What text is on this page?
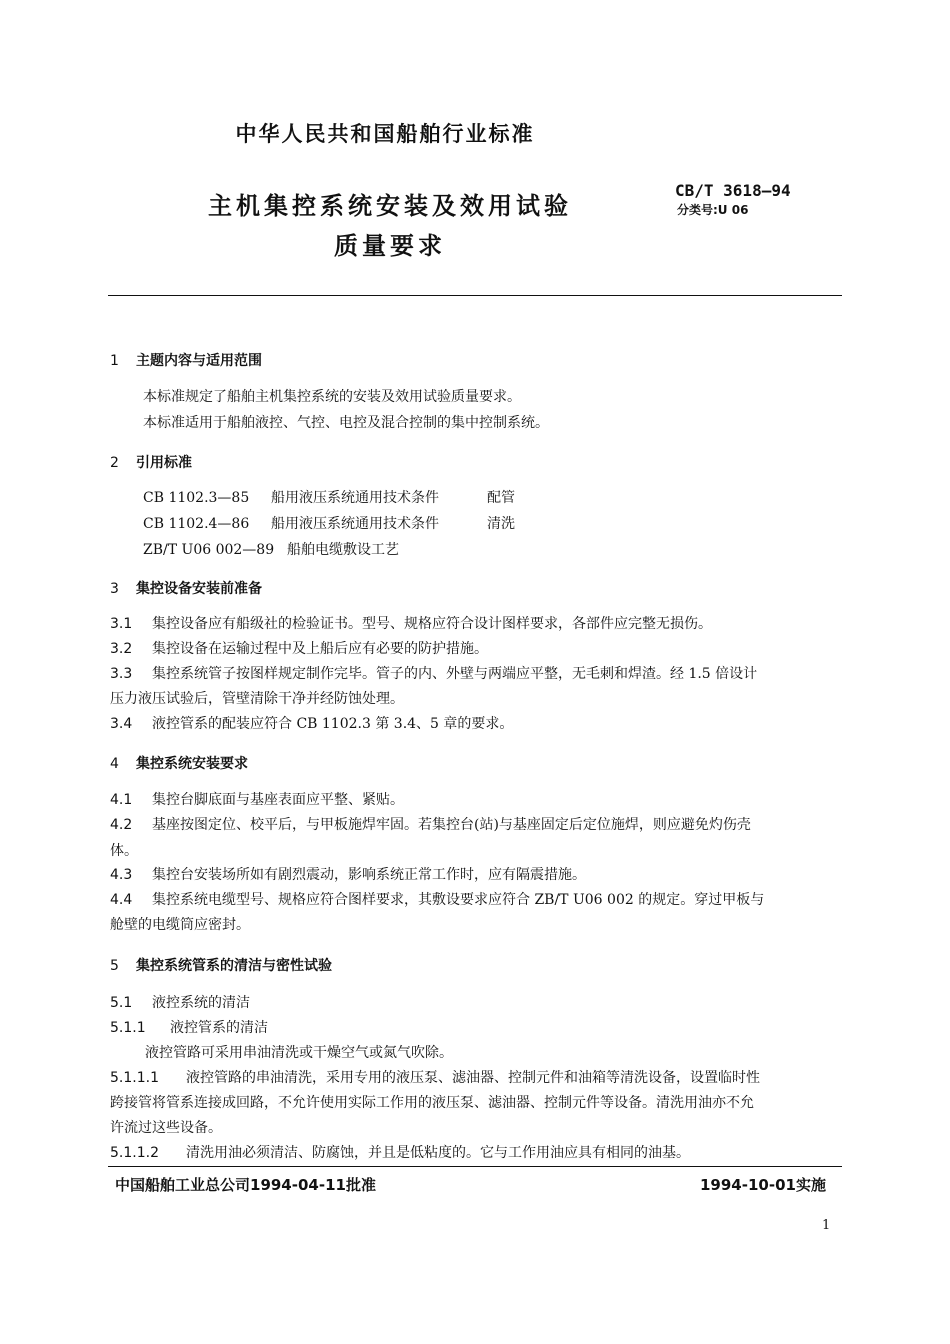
中华人民共和国船舶行业标准
主机集控系统安装及效用试验
质量要求
CB/T 3618—94
分类号:U 06
1 主题内容与适用范围
本标准规定了船舶主机集控系统的安装及效用试验质量要求。
本标准适用于船舶液控、气控、电控及混合控制的集中控制系统。
2 引用标准
CB 1102.3—85 船用液压系统通用技术条件	配管
CB 1102.4—86 船用液压系统通用技术条件	清洗
ZB/T U06 002—89 船舶电缆敷设工艺
3 集控设备安装前准备
3.1 集控设备应有船级社的检验证书。型号、规格应符合设计图样要求，各部件应完整无损伤。
3.2 集控设备在运输过程中及上船后应有必要的防护措施。
3.3 集控系统管子按图样规定制作完毕。管子的内、外壁与两端应平整，无毛刺和焊渣。经 1.5 倍设计
压力液压试验后，管壁清除干净并经防蚀处理。
3.4 液控管系的配装应符合 CB 1102.3 第 3.4、5 章的要求。
4 集控系统安装要求
4.1 集控台脚底面与基座表面应平整、紧贴。
4.2 基座按图定位、校平后，与甲板施焊牢固。若集控台(站)与基座固定后定位施焊，则应避免灼伤壳
体。
4.3 集控台安装场所如有剧烈震动，影响系统正常工作时，应有隔震措施。
4.4 集控系统电缆型号、规格应符合图样要求，其敷设要求应符合 ZB/T U06 002 的规定。穿过甲板与
舱壁的电缆筒应密封。
5 集控系统管系的清洁与密性试验
5.1 液控系统的清洁
5.1.1 液控管系的清洁
液控管路可采用串油清洗或干燥空气或氮气吹除。
5.1.1.1 液控管路的串油清洗，采用专用的液压泵、滤油器、控制元件和油箱等清洗设备，设置临时性
跨接管将管系连接成回路，不允许使用实际工作用的液压泵、滤油器、控制元件等设备。清洗用油亦不允
许流过这些设备。
5.1.1.2 清洗用油必须清洁、防腐蚀，并且是低粘度的。它与工作用油应具有相同的油基。
中国船舶工业总公司1994-04-11批准	1994-10-01实施
1
